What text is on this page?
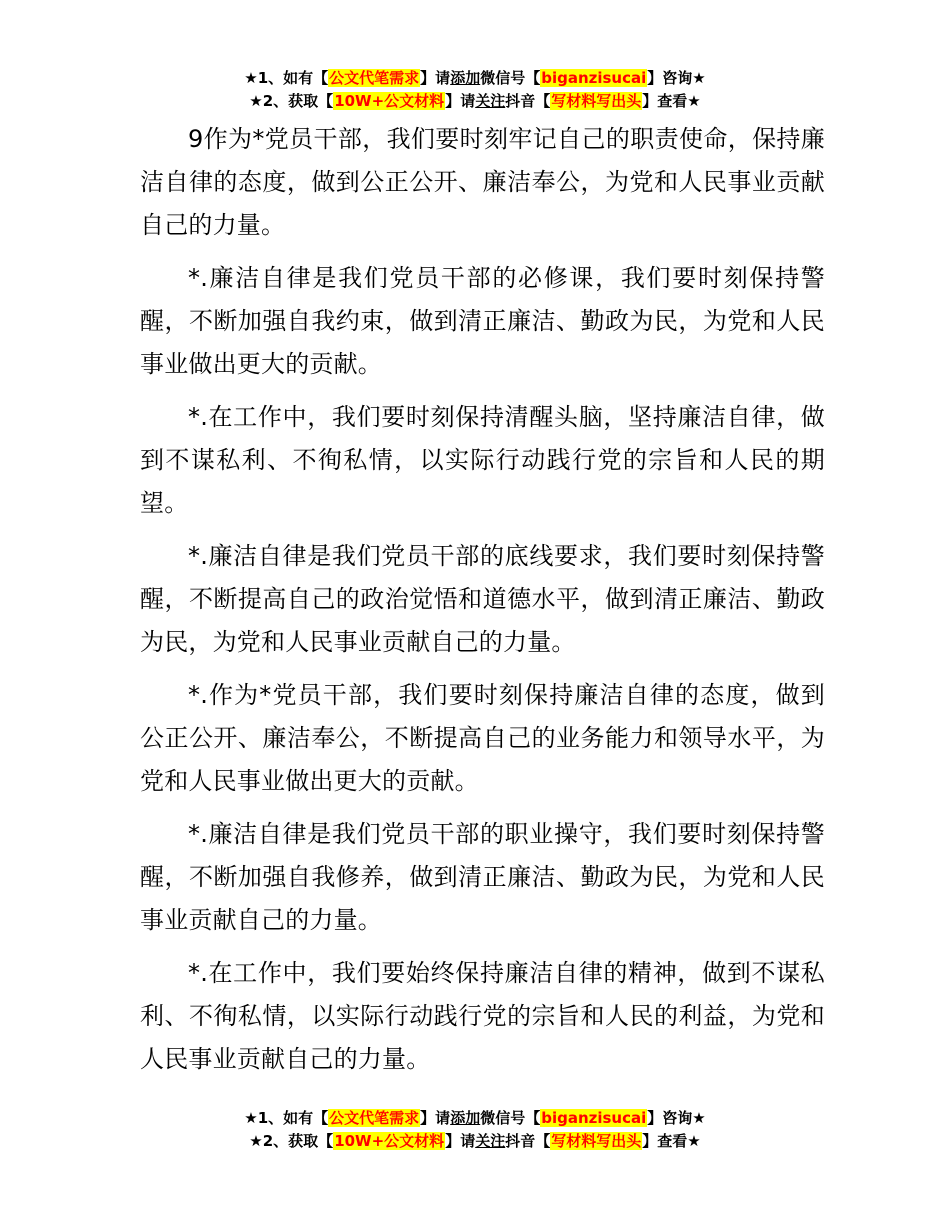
★1、如有【公文代笔需求】请添加微信号【biganzisucai】咨询★
★2、获取【10W+公文材料】请关注抖音【写材料写出头】查看★

9作为*党员干部，我们要时刻牢记自己的职责使命，保持廉洁自律的态度，做到公正公开、廉洁奉公，为党和人民事业贡献自己的力量。

*.廉洁自律是我们党员干部的必修课，我们要时刻保持警醒，不断加强自我约束，做到清正廉洁、勤政为民，为党和人民事业做出更大的贡献。

*.在工作中，我们要时刻保持清醒头脑，坚持廉洁自律，做到不谋私利、不徇私情，以实际行动践行党的宗旨和人民的期望。

*.廉洁自律是我们党员干部的底线要求，我们要时刻保持警醒，不断提高自己的政治觉悟和道德水平，做到清正廉洁、勤政为民，为党和人民事业贡献自己的力量。

*.作为*党员干部，我们要时刻保持廉洁自律的态度，做到公正公开、廉洁奉公，不断提高自己的业务能力和领导水平，为党和人民事业做出更大的贡献。

*.廉洁自律是我们党员干部的职业操守，我们要时刻保持警醒，不断加强自我修养，做到清正廉洁、勤政为民，为党和人民事业贡献自己的力量。

*.在工作中，我们要始终保持廉洁自律的精神，做到不谋私利、不徇私情，以实际行动践行党的宗旨和人民的利益，为党和人民事业贡献自己的力量。

★1、如有【公文代笔需求】请添加微信号【biganzisucai】咨询★
★2、获取【10W+公文材料】请关注抖音【写材料写出头】查看★
